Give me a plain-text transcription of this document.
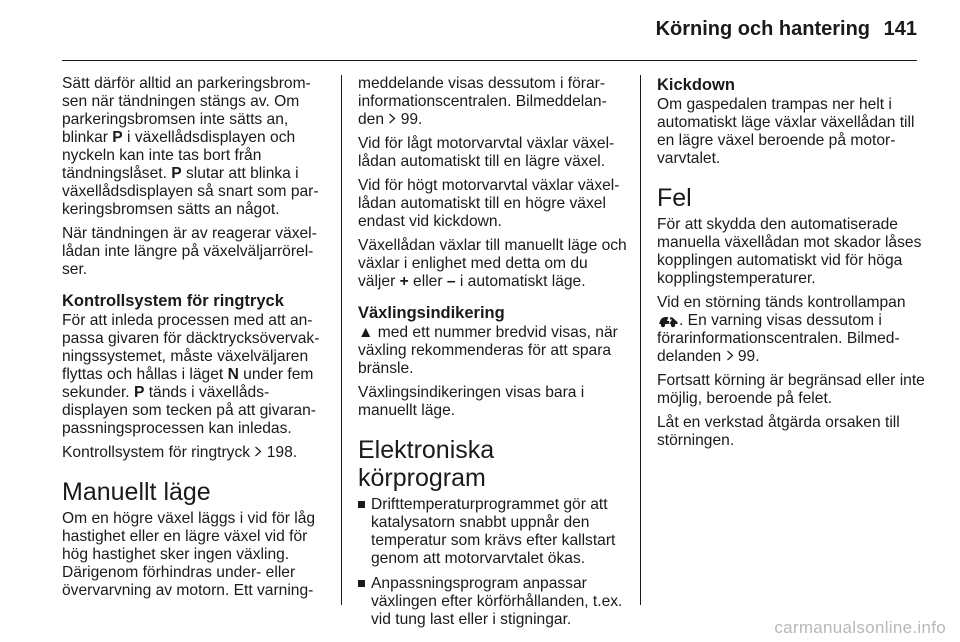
Körning och hantering 141

Sätt därför alltid an parkeringsbrom-sen när tändningen stängs av. Om parkeringsbromsen inte sätts an, blinkar P i växellådsdisplayen och nyckeln kan inte tas bort från tändningslåset. P slutar att blinka i växellådsdisplayen så snart som par-keringsbromsen sätts an något.

När tändningen är av reagerar växel-lådan inte längre på växelväljarrörel-ser.

Kontrollsystem för ringtryck

För att inleda processen med att an-passa givaren för däcktrycksövervak-ningssystemet, måste växelväljaren flyttas och hållas i läget N under fem sekunder. P tänds i växellåds-displayen som tecken på att givaran-passningsprocessen kan inledas.

Kontrollsystem för ringtryck  198.

Manuellt läge

Om en högre växel läggs i vid för låg hastighet eller en lägre växel vid för hög hastighet sker ingen växling. Därigenom förhindras under- eller övervarvning av motorn. Ett varning-

meddelande visas dessutom i förar-informationscentralen. Bilmeddelan-den  99.

Vid för lågt motorvarvtal växlar växel-lådan automatiskt till en lägre växel.

Vid för högt motorvarvtal växlar växel-lådan automatiskt till en högre växel endast vid kickdown.

Växellådan växlar till manuellt läge och växlar i enlighet med detta om du väljer + eller – i automatiskt läge.

Växlingsindikering

▲ med ett nummer bredvid visas, när växling rekommenderas för att spara bränsle.

Växlingsindikeringen visas bara i manuellt läge.

Elektroniska körprogram
Drifttemperaturprogrammet gör att katalysatorn snabbt uppnår den temperatur som krävs efter kallstart genom att motorvarvtalet ökas.
Anpassningsprogram anpassar växlingen efter körförhållanden, t.ex. vid tung last eller i stigningar.
Kickdown

Om gaspedalen trampas ner helt i automatiskt läge växlar växellådan till en lägre växel beroende på motor-varvtalet.

Fel

För att skydda den automatiserade manuella växellådan mot skador låses kopplingen automatiskt vid för höga kopplingstemperaturer.

Vid en störning tänds kontrollampan . En varning visas dessutom i förarinformationscentralen. Bilmed-delanden  99.

Fortsatt körning är begränsad eller inte möjlig, beroende på felet.

Låt en verkstad åtgärda orsaken till störningen.

carmanualsonline.info
